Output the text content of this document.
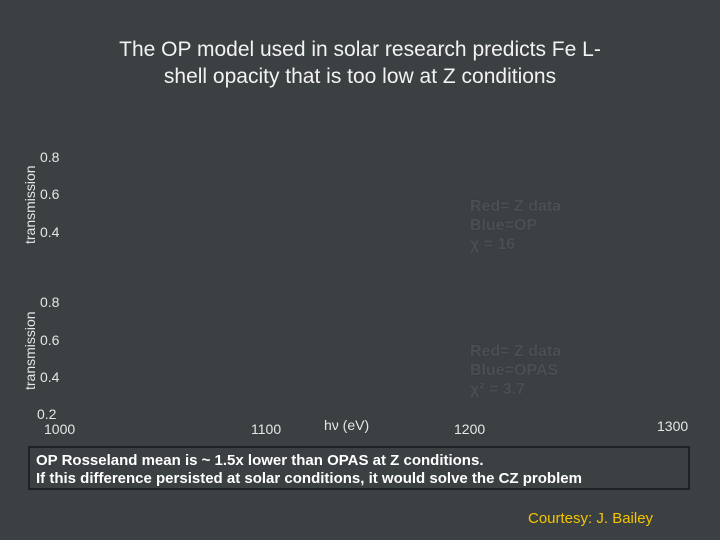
The OP model used in solar research predicts Fe L-
shell opacity that is too low at Z conditions
transmission
0.8
0.6
0.4
Red= Z data
Blue=OP
χ = 16
transmission
0.8
0.6
0.4
0.2
Red= Z data
Blue=OPAS
χ² = 3.7
1000	1100	hν (eV)	1200	1300
OP Rosseland mean is ~ 1.5x lower than OPAS at Z conditions.
If this difference persisted at solar conditions, it would solve the CZ problem
Courtesy: J. Bailey
